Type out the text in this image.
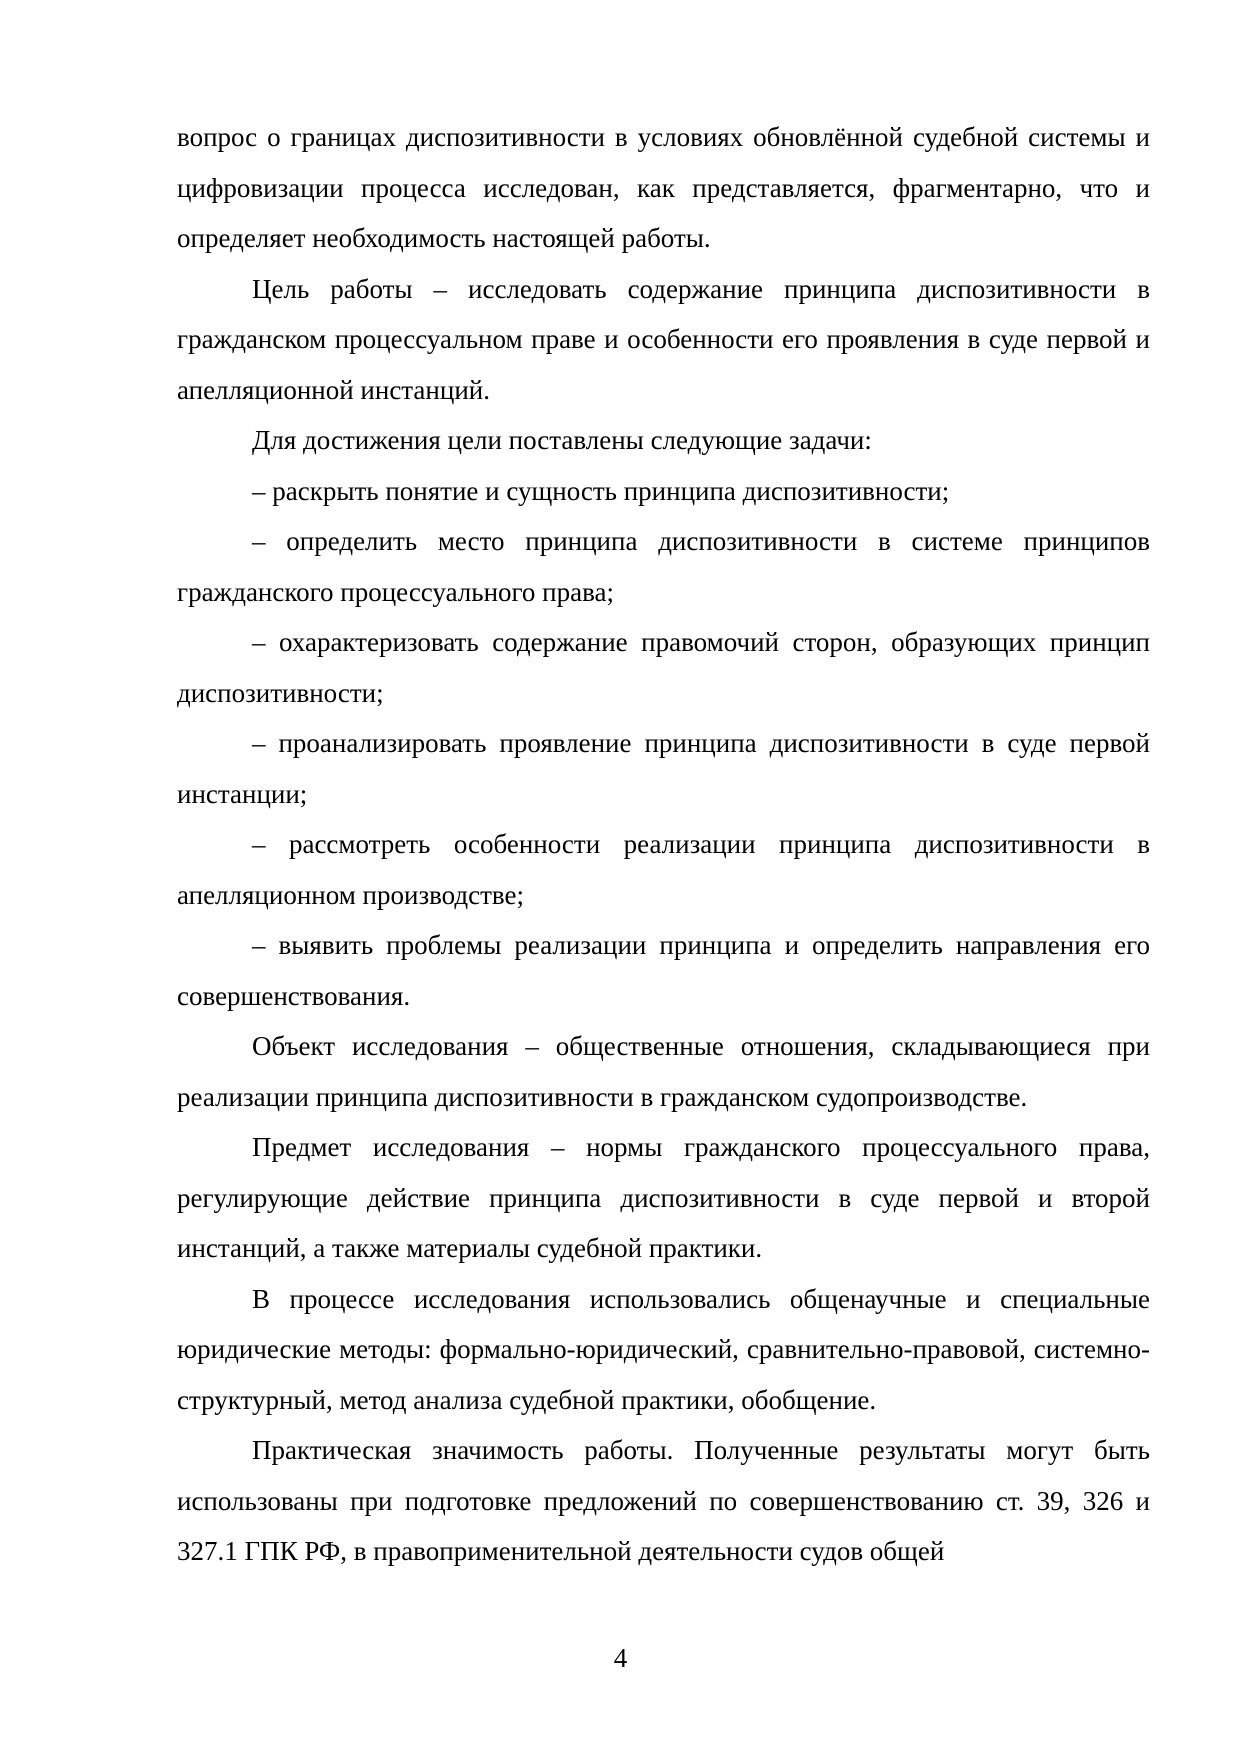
вопрос о границах диспозитивности в условиях обновлённой судебной системы и цифровизации процесса исследован, как представляется, фрагментарно, что и определяет необходимость настоящей работы.

Цель работы – исследовать содержание принципа диспозитивности в гражданском процессуальном праве и особенности его проявления в суде первой и апелляционной инстанций.

Для достижения цели поставлены следующие задачи:

– раскрыть понятие и сущность принципа диспозитивности;

– определить место принципа диспозитивности в системе принципов гражданского процессуального права;

– охарактеризовать содержание правомочий сторон, образующих принцип диспозитивности;

– проанализировать проявление принципа диспозитивности в суде первой инстанции;

– рассмотреть особенности реализации принципа диспозитивности в апелляционном производстве;

– выявить проблемы реализации принципа и определить направления его совершенствования.

Объект исследования – общественные отношения, складывающиеся при реализации принципа диспозитивности в гражданском судопроизводстве.

Предмет исследования – нормы гражданского процессуального права, регулирующие действие принципа диспозитивности в суде первой и второй инстанций, а также материалы судебной практики.

В процессе исследования использовались общенаучные и специальные юридические методы: формально-юридический, сравнительно-правовой, системно-структурный, метод анализа судебной практики, обобщение.

Практическая значимость работы. Полученные результаты могут быть использованы при подготовке предложений по совершенствованию ст. 39, 326 и 327.1 ГПК РФ, в правоприменительной деятельности судов общей

4
